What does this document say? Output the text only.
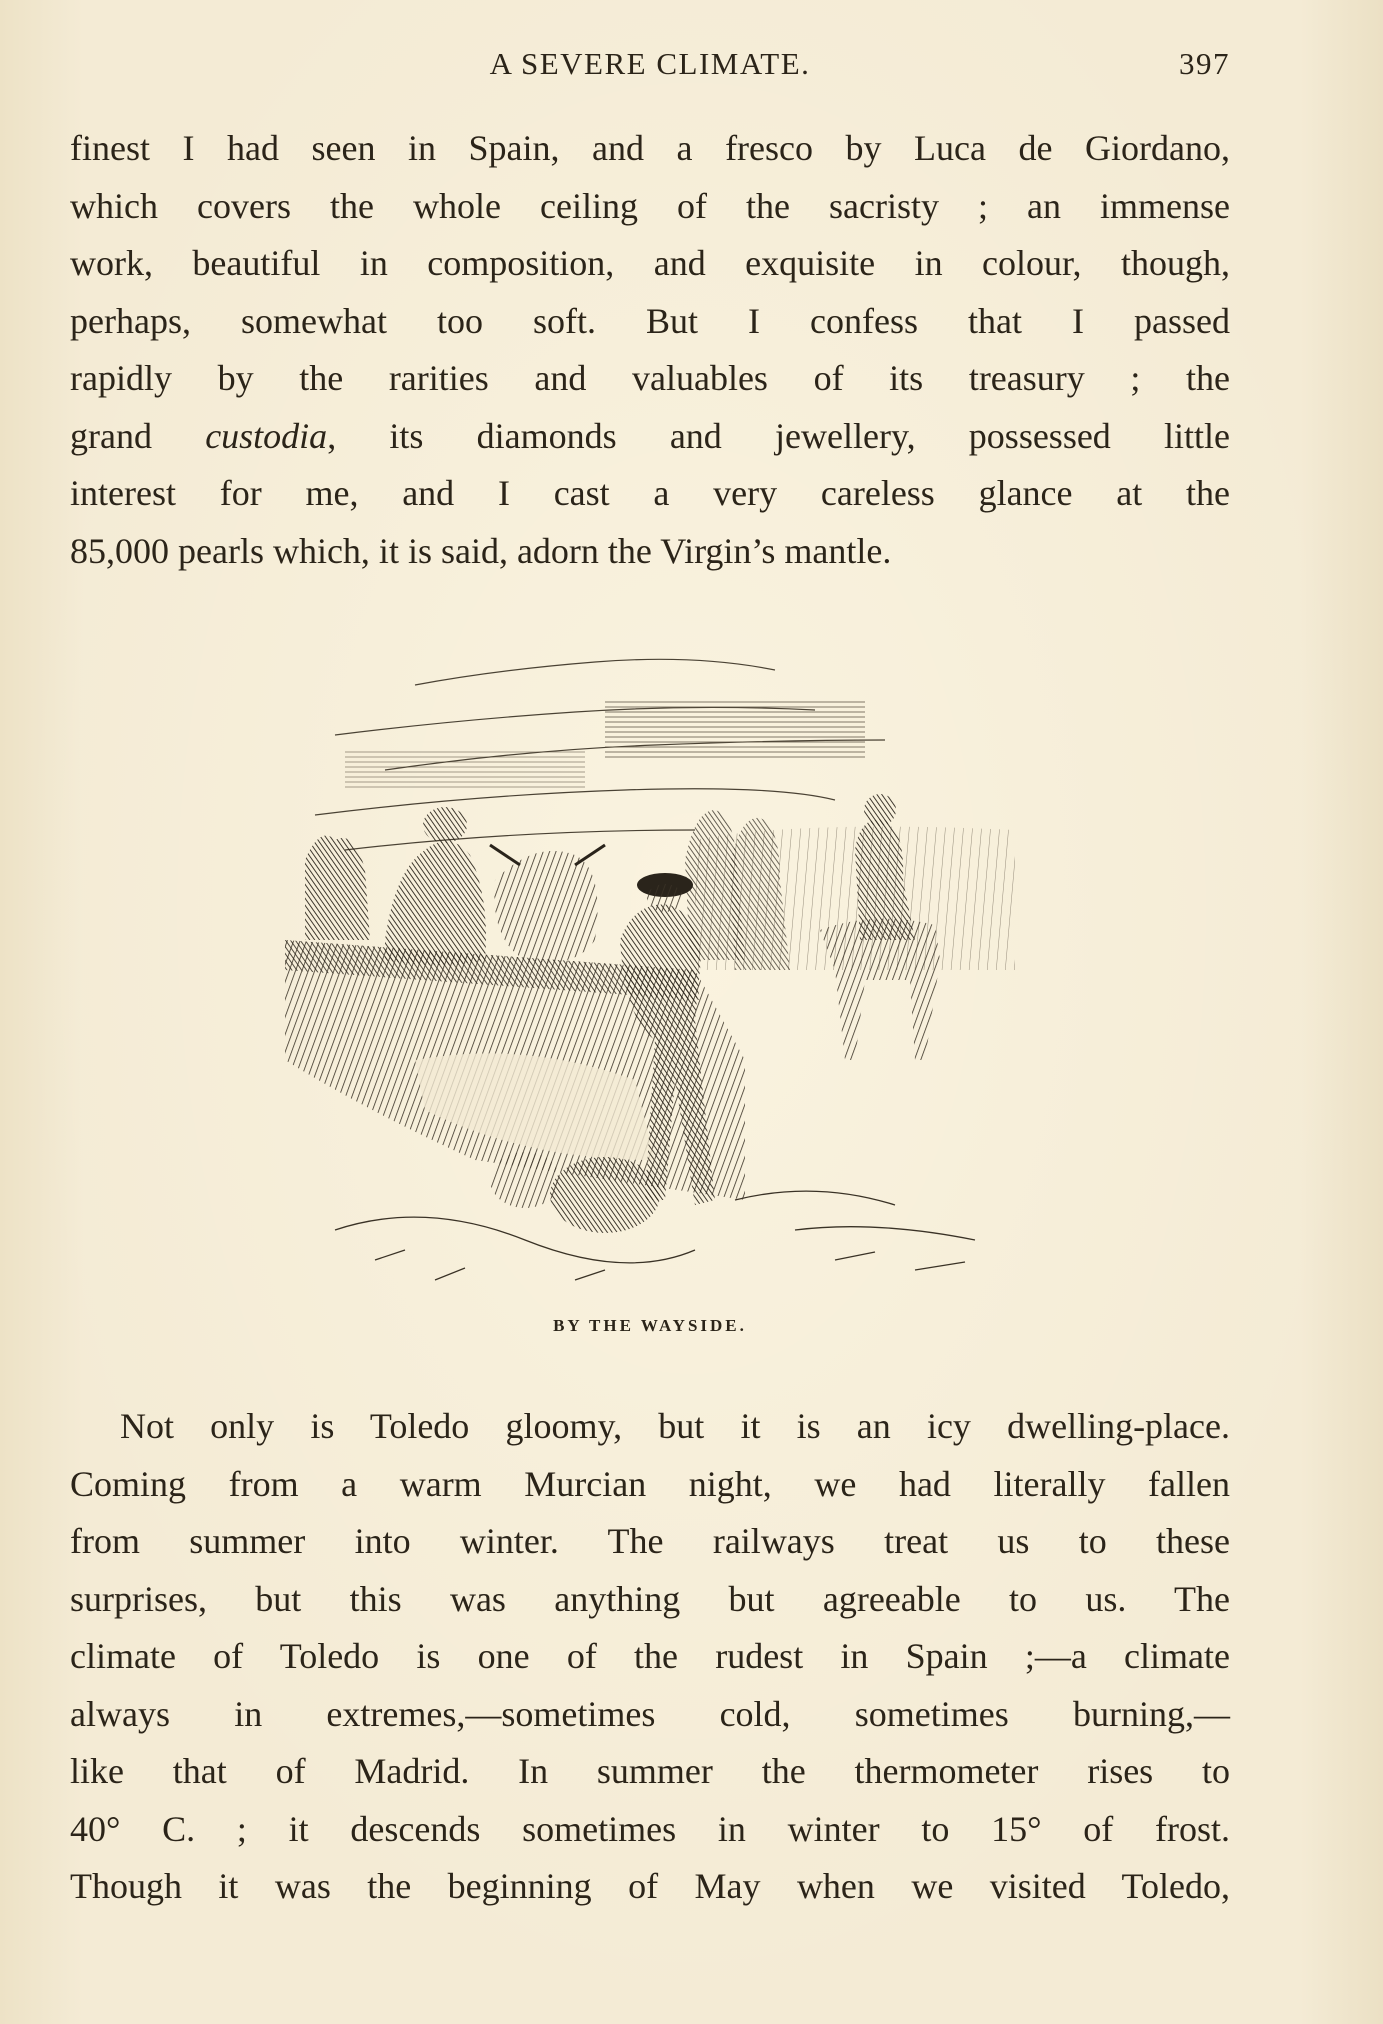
A SEVERE CLIMATE.	397

finest I had seen in Spain, and a fresco by Luca de Giordano,
which covers the whole ceiling of the sacristy ; an immense
work, beautiful in composition, and exquisite in colour, though,
perhaps, somewhat too soft. But I confess that I passed
rapidly by the rarities and valuables of its treasury ; the
grand custodia, its diamonds and jewellery, possessed little
interest for me, and I cast a very careless glance at the
85,000 pearls which, it is said, adorn the Virgin’s mantle.

BY THE WAYSIDE.

Not only is Toledo gloomy, but it is an icy dwelling-place.
Coming from a warm Murcian night, we had literally fallen
from summer into winter. The railways treat us to these
surprises, but this was anything but agreeable to us. The
climate of Toledo is one of the rudest in Spain ;—a climate
always in extremes,—sometimes cold, sometimes burning,—
like that of Madrid. In summer the thermometer rises to
40° C. ; it descends sometimes in winter to 15° of frost.
Though it was the beginning of May when we visited Toledo,
